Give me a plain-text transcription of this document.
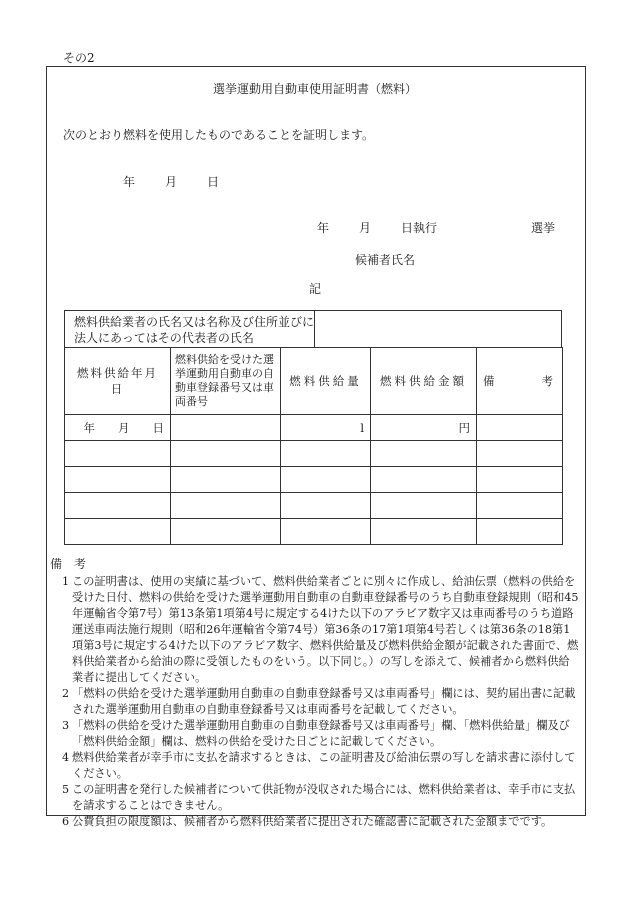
その2
選挙運動用自動車使用証明書（燃料）
次のとおり燃料を使用したものであることを証明します。
年	月	日
年	月	日執行	選挙
候補者氏名
記
燃料供給業者の氏名又は名称及び住所並びに法人にあってはその代表者の氏名
燃料供給年月日	燃料供給を受けた選挙運動用自動車の自動車登録番号又は車両番号	燃料供給量	燃料供給金額	備 考

年　　月　　日		l	円	

備　考
1 この証明書は、使用の実績に基づいて、燃料供給業者ごとに別々に作成し、給油伝票（燃料の供給を受けた日付、燃料の供給を受けた選挙運動用自動車の自動車登録番号のうち自動車登録規則（昭和45年運輸省令第7号）第13条第1項第4号に規定する4けた以下のアラビア数字又は車両番号のうち道路運送車両法施行規則（昭和26年運輸省令第74号）第36条の17第1項第4号若しくは第36条の18第1項第3号に規定する4けた以下のアラビア数字、燃料供給量及び燃料供給金額が記載された書面で、燃料供給業者から給油の際に受領したものをいう。以下同じ。）の写しを添えて、候補者から燃料供給業者に提出してください。
2 「燃料の供給を受けた選挙運動用自動車の自動車登録番号又は車両番号」欄には、契約届出書に記載された選挙運動用自動車の自動車登録番号又は車両番号を記載してください。
3 「燃料の供給を受けた選挙運動用自動車の自動車登録番号又は車両番号」欄、「燃料供給量」欄及び「燃料供給金額」欄は、燃料の供給を受けた日ごとに記載してください。
4 燃料供給業者が幸手市に支払を請求するときは、この証明書及び給油伝票の写しを請求書に添付してください。
5 この証明書を発行した候補者について供託物が没収された場合には、燃料供給業者は、幸手市に支払を請求することはできません。
6 公費負担の限度額は、候補者から燃料供給業者に提出された確認書に記載された金額までです。
